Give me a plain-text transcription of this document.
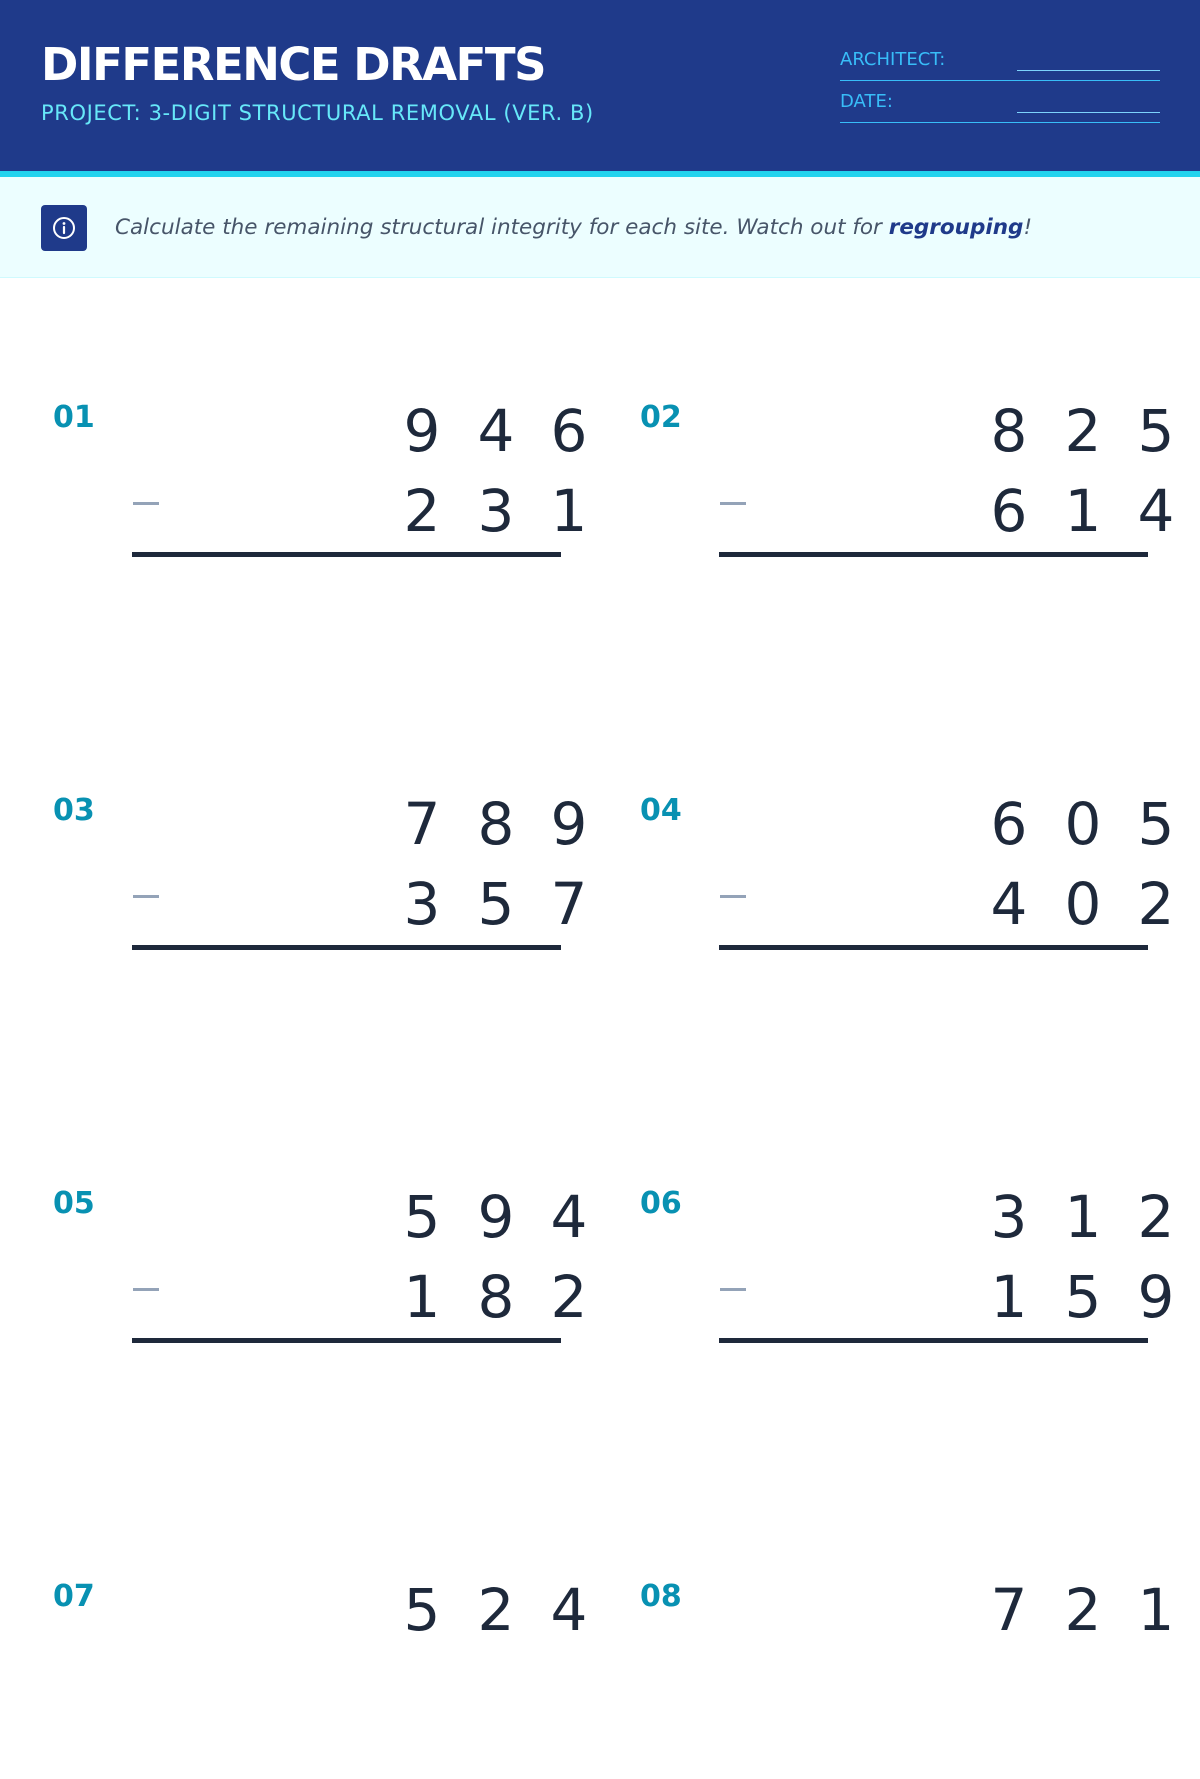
DIFFERENCE DRAFTS
PROJECT: 3-DIGIT STRUCTURAL REMOVAL (VER. B)
ARCHITECT:
DATE:
Calculate the remaining structural integrity for each site. Watch out for regrouping!
01	9 4 6
2 3 1
02	8 2 5
6 1 4
03	7 8 9
3 5 7
04	6 0 5
4 0 2
05	5 9 4
1 8 2
06	3 1 2
1 5 9
07	5 2 4 08	7 2 1
